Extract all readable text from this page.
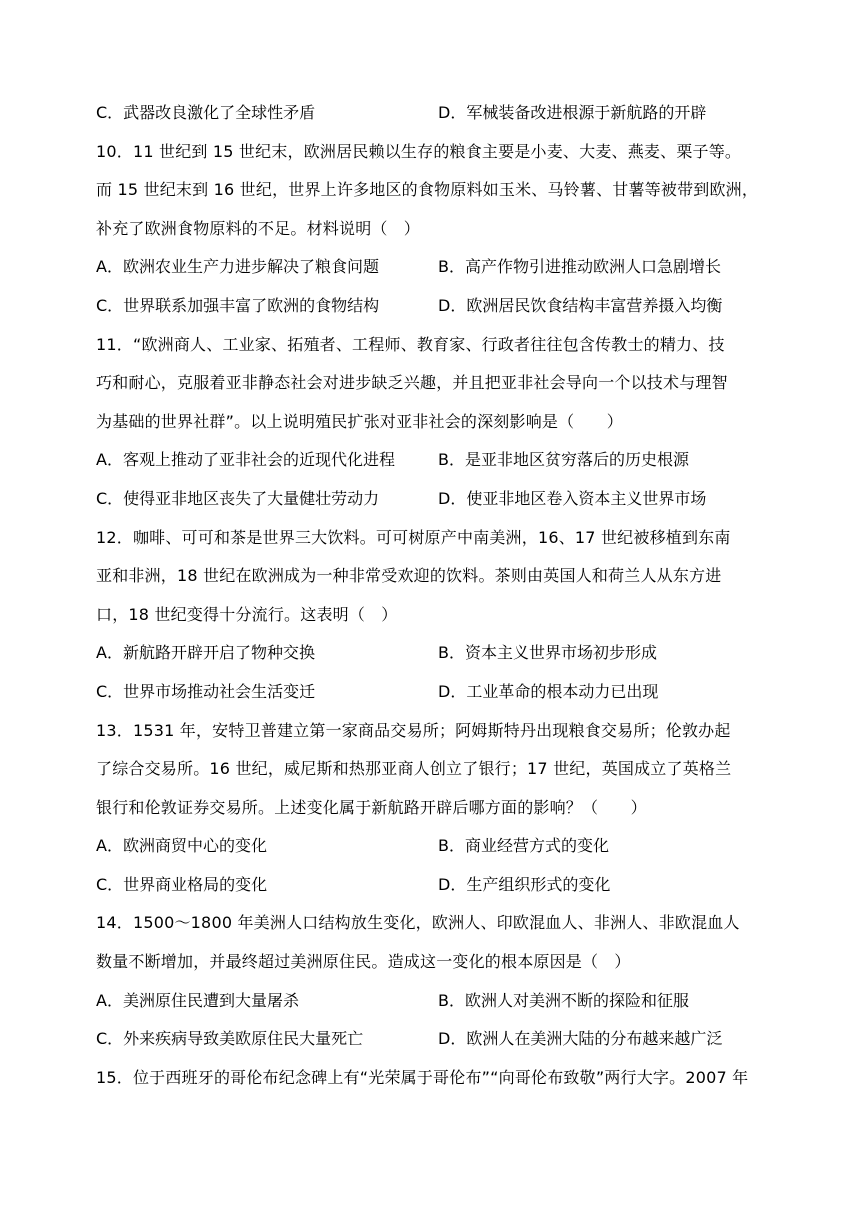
C．武器改良激化了全球性矛盾	D．军械装备改进根源于新航路的开辟
10．11 世纪到 15 世纪末，欧洲居民赖以生存的粮食主要是小麦、大麦、燕麦、栗子等。
而 15 世纪末到 16 世纪，世界上许多地区的食物原料如玉米、马铃薯、甘薯等被带到欧洲，
补充了欧洲食物原料的不足。材料说明（　）
A．欧洲农业生产力进步解决了粮食问题	B．高产作物引进推动欧洲人口急剧增长
C．世界联系加强丰富了欧洲的食物结构	D．欧洲居民饮食结构丰富营养摄入均衡
11．“欧洲商人、工业家、拓殖者、工程师、教育家、行政者往往包含传教士的精力、技
巧和耐心，克服着亚非静态社会对进步缺乏兴趣，并且把亚非社会导向一个以技术与理智
为基础的世界社群”。以上说明殖民扩张对亚非社会的深刻影响是（　　）
A．客观上推动了亚非社会的近现代化进程	B．是亚非地区贫穷落后的历史根源
C．使得亚非地区丧失了大量健壮劳动力	D．使亚非地区卷入资本主义世界市场
12．咖啡、可可和茶是世界三大饮料。可可树原产中南美洲，16、17 世纪被移植到东南
亚和非洲，18 世纪在欧洲成为一种非常受欢迎的饮料。茶则由英国人和荷兰人从东方进
口，18 世纪变得十分流行。这表明（　）
A．新航路开辟开启了物种交换	B．资本主义世界市场初步形成
C．世界市场推动社会生活变迁	D．工业革命的根本动力已出现
13．1531 年，安特卫普建立第一家商品交易所；阿姆斯特丹出现粮食交易所；伦敦办起
了综合交易所。16 世纪，威尼斯和热那亚商人创立了银行；17 世纪，英国成立了英格兰
银行和伦敦证券交易所。上述变化属于新航路开辟后哪方面的影响？（　　）
A．欧洲商贸中心的变化	B．商业经营方式的变化
C．世界商业格局的变化	D．生产组织形式的变化
14．1500～1800 年美洲人口结构放生变化，欧洲人、印欧混血人、非洲人、非欧混血人
数量不断增加，并最终超过美洲原住民。造成这一变化的根本原因是（　）
A．美洲原住民遭到大量屠杀	B．欧洲人对美洲不断的探险和征服
C．外来疾病导致美欧原住民大量死亡	D．欧洲人在美洲大陆的分布越来越广泛
15．位于西班牙的哥伦布纪念碑上有“光荣属于哥伦布”“向哥伦布致敬”两行大字。2007 年
